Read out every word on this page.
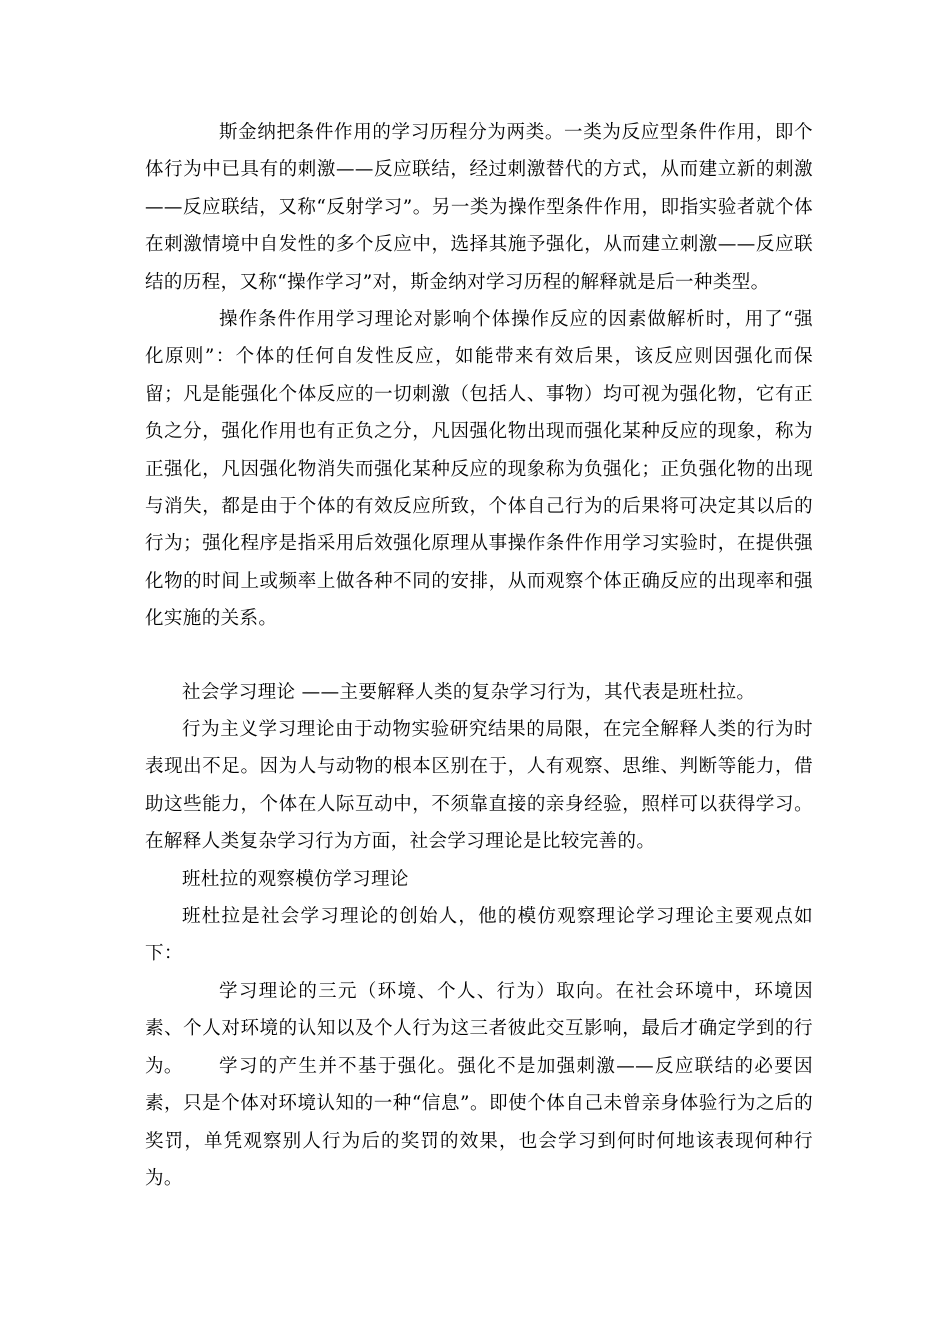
斯金纳把条件作用的学习历程分为两类。一类为反应型条件作用，即个体行为中已具有的刺激——反应联结，经过刺激替代的方式，从而建立新的刺激——反应联结，又称“反射学习”。另一类为操作型条件作用，即指实验者就个体在刺激情境中自发性的多个反应中，选择其施予强化，从而建立刺激——反应联结的历程，又称“操作学习”对，斯金纳对学习历程的解释就是后一种类型。

操作条件作用学习理论对影响个体操作反应的因素做解析时，用了“强化原则”：个体的任何自发性反应，如能带来有效后果，该反应则因强化而保留；凡是能强化个体反应的一切刺激（包括人、事物）均可视为强化物，它有正负之分，强化作用也有正负之分，凡因强化物出现而强化某种反应的现象，称为正强化，凡因强化物消失而强化某种反应的现象称为负强化；正负强化物的出现与消失，都是由于个体的有效反应所致，个体自己行为的后果将可决定其以后的行为；强化程序是指采用后效强化原理从事操作条件作用学习实验时，在提供强化物的时间上或频率上做各种不同的安排，从而观察个体正确反应的出现率和强化实施的关系。

社会学习理论 ——主要解释人类的复杂学习行为，其代表是班杜拉。

行为主义学习理论由于动物实验研究结果的局限，在完全解释人类的行为时表现出不足。因为人与动物的根本区别在于，人有观察、思维、判断等能力，借助这些能力，个体在人际互动中，不须靠直接的亲身经验，照样可以获得学习。在解释人类复杂学习行为方面，社会学习理论是比较完善的。

班杜拉的观察模仿学习理论

班杜拉是社会学习理论的创始人，他的模仿观察理论学习理论主要观点如下：

学习理论的三元（环境、个人、行为）取向。在社会环境中，环境因素、个人对环境的认知以及个人行为这三者彼此交互影响，最后才确定学到的行为。	学习的产生并不基于强化。强化不是加强刺激——反应联结的必要因素，只是个体对环境认知的一种“信息”。即使个体自己未曾亲身体验行为之后的奖罚，单凭观察别人行为后的奖罚的效果，也会学习到何时何地该表现何种行为。
